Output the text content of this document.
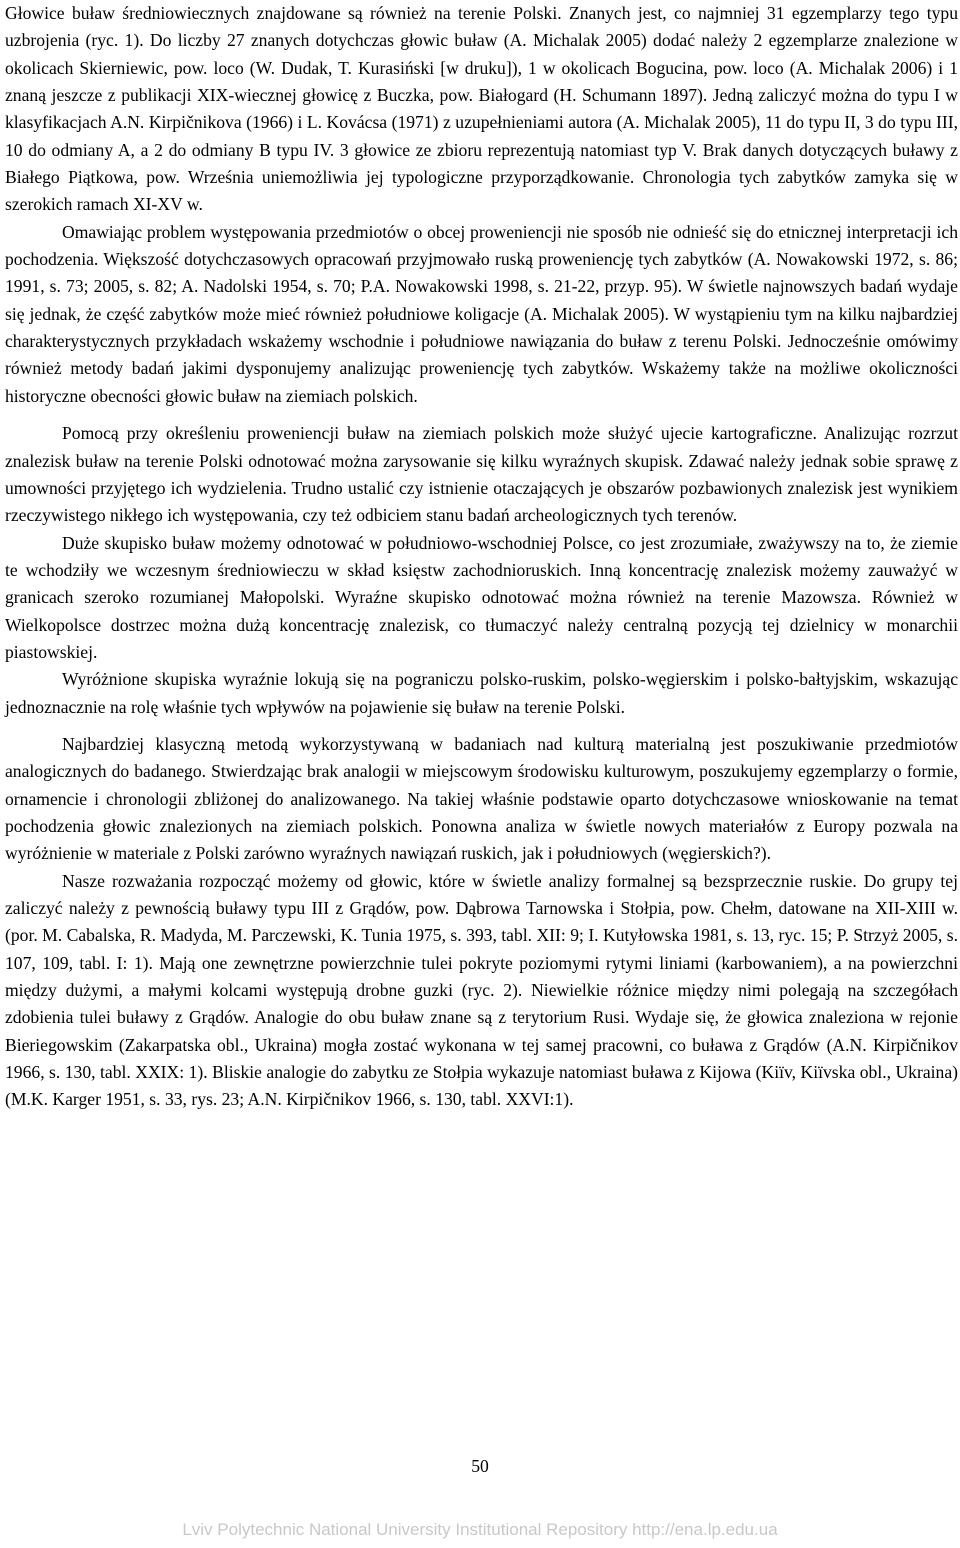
Głowice buław średniowiecznych znajdowane są również na terenie Polski. Znanych jest, co najmniej 31 egzemplarzy tego typu uzbrojenia (ryc. 1). Do liczby 27 znanych dotychczas głowic buław (A. Michalak 2005) dodać należy 2 egzemplarze znalezione w okolicach Skierniewic, pow. loco (W. Dudak, T. Kurasiński [w druku]), 1 w okolicach Bogucina, pow. loco (A. Michalak 2006) i 1 znaną jeszcze z publikacji XIX-wiecznej głowicę z Buczka, pow. Białogard (H. Schumann 1897). Jedną zaliczyć można do typu I w klasyfikacjach A.N. Kirpičnikova (1966) i L. Kovácsa (1971) z uzupełnieniami autora (A. Michalak 2005), 11 do typu II, 3 do typu III, 10 do odmiany A, a 2 do odmiany B typu IV. 3 głowice ze zbioru reprezentują natomiast typ V. Brak danych dotyczących buławy z Białego Piątkowa, pow. Września uniemożliwia jej typologiczne przyporządkowanie. Chronologia tych zabytków zamyka się w szerokich ramach XI-XV w.

Omawiając problem występowania przedmiotów o obcej proweniencji nie sposób nie odnieść się do etnicznej interpretacji ich pochodzenia. Większość dotychczasowych opracowań przyjmowało ruską proweniencję tych zabytków (A. Nowakowski 1972, s. 86; 1991, s. 73; 2005, s. 82; A. Nadolski 1954, s. 70; P.A. Nowakowski 1998, s. 21-22, przyp. 95). W świetle najnowszych badań wydaje się jednak, że część zabytków może mieć również południowe koligacje (A. Michalak 2005). W wystąpieniu tym na kilku najbardziej charakterystycznych przykładach wskażemy wschodnie i południowe nawiązania do buław z terenu Polski. Jednocześnie omówimy również metody badań jakimi dysponujemy analizując proweniencję tych zabytków. Wskażemy także na możliwe okoliczności historyczne obecności głowic buław na ziemiach polskich.

Pomocą przy określeniu proweniencji buław na ziemiach polskich może służyć ujecie kartograficzne. Analizując rozrzut znalezisk buław na terenie Polski odnotować można zarysowanie się kilku wyraźnych skupisk. Zdawać należy jednak sobie sprawę z umowności przyjętego ich wydzielenia. Trudno ustalić czy istnienie otaczających je obszarów pozbawionych znalezisk jest wynikiem rzeczywistego nikłego ich występowania, czy też odbiciem stanu badań archeologicznych tych terenów.

Duże skupisko buław możemy odnotować w południowo-wschodniej Polsce, co jest zrozumiałe, zważywszy na to, że ziemie te wchodziły we wczesnym średniowieczu w skład księstw zachodnioruskich. Inną koncentrację znalezisk możemy zauważyć w granicach szeroko rozumianej Małopolski. Wyraźne skupisko odnotować można również na terenie Mazowsza. Również w Wielkopolsce dostrzec można dużą koncentrację znalezisk, co tłumaczyć należy centralną pozycją tej dzielnicy w monarchii piastowskiej.

Wyróżnione skupiska wyraźnie lokują się na pograniczu polsko-ruskim, polsko-węgierskim i polsko-bałtyjskim, wskazując jednoznacznie na rolę właśnie tych wpływów na pojawienie się buław na terenie Polski.

Najbardziej klasyczną metodą wykorzystywaną w badaniach nad kulturą materialną jest poszukiwanie przedmiotów analogicznych do badanego. Stwierdzając brak analogii w miejscowym środowisku kulturowym, poszukujemy egzemplarzy o formie, ornamencie i chronologii zbliżonej do analizowanego. Na takiej właśnie podstawie oparto dotychczasowe wnioskowanie na temat pochodzenia głowic znalezionych na ziemiach polskich. Ponowna analiza w świetle nowych materiałów z Europy pozwala na wyróżnienie w materiale z Polski zarówno wyraźnych nawiązań ruskich, jak i południowych (węgierskich?).

Nasze rozważania rozpocząć możemy od głowic, które w świetle analizy formalnej są bezsprzecznie ruskie. Do grupy tej zaliczyć należy z pewnością buławy typu III z Grądów, pow. Dąbrowa Tarnowska i Stołpia, pow. Chełm, datowane na XII-XIII w. (por. M. Cabalska, R. Madyda, M. Parczewski, K. Tunia 1975, s. 393, tabl. XII: 9; I. Kutyłowska 1981, s. 13, ryc. 15; P. Strzyż 2005, s. 107, 109, tabl. I: 1). Mają one zewnętrzne powierzchnie tulei pokryte poziomymi rytymi liniami (karbowaniem), a na powierzchni między dużymi, a małymi kolcami występują drobne guzki (ryc. 2). Niewielkie różnice między nimi polegają na szczegółach zdobienia tulei buławy z Grądów. Analogie do obu buław znane są z terytorium Rusi. Wydaje się, że głowica znaleziona w rejonie Bieriegowskim (Zakarpatska obl., Ukraina) mogła zostać wykonana w tej samej pracowni, co buława z Grądów (A.N. Kirpičnikov 1966, s. 130, tabl. XXIX: 1). Bliskie analogie do zabytku ze Stołpia wykazuje natomiast buława z Kijowa (Kiïv, Kiïvska obl., Ukraina) (M.K. Karger 1951, s. 33, rys. 23; A.N. Kirpičnikov 1966, s. 130, tabl. XXVI:1).

50
Lviv Polytechnic National University Institutional Repository http://ena.lp.edu.ua
